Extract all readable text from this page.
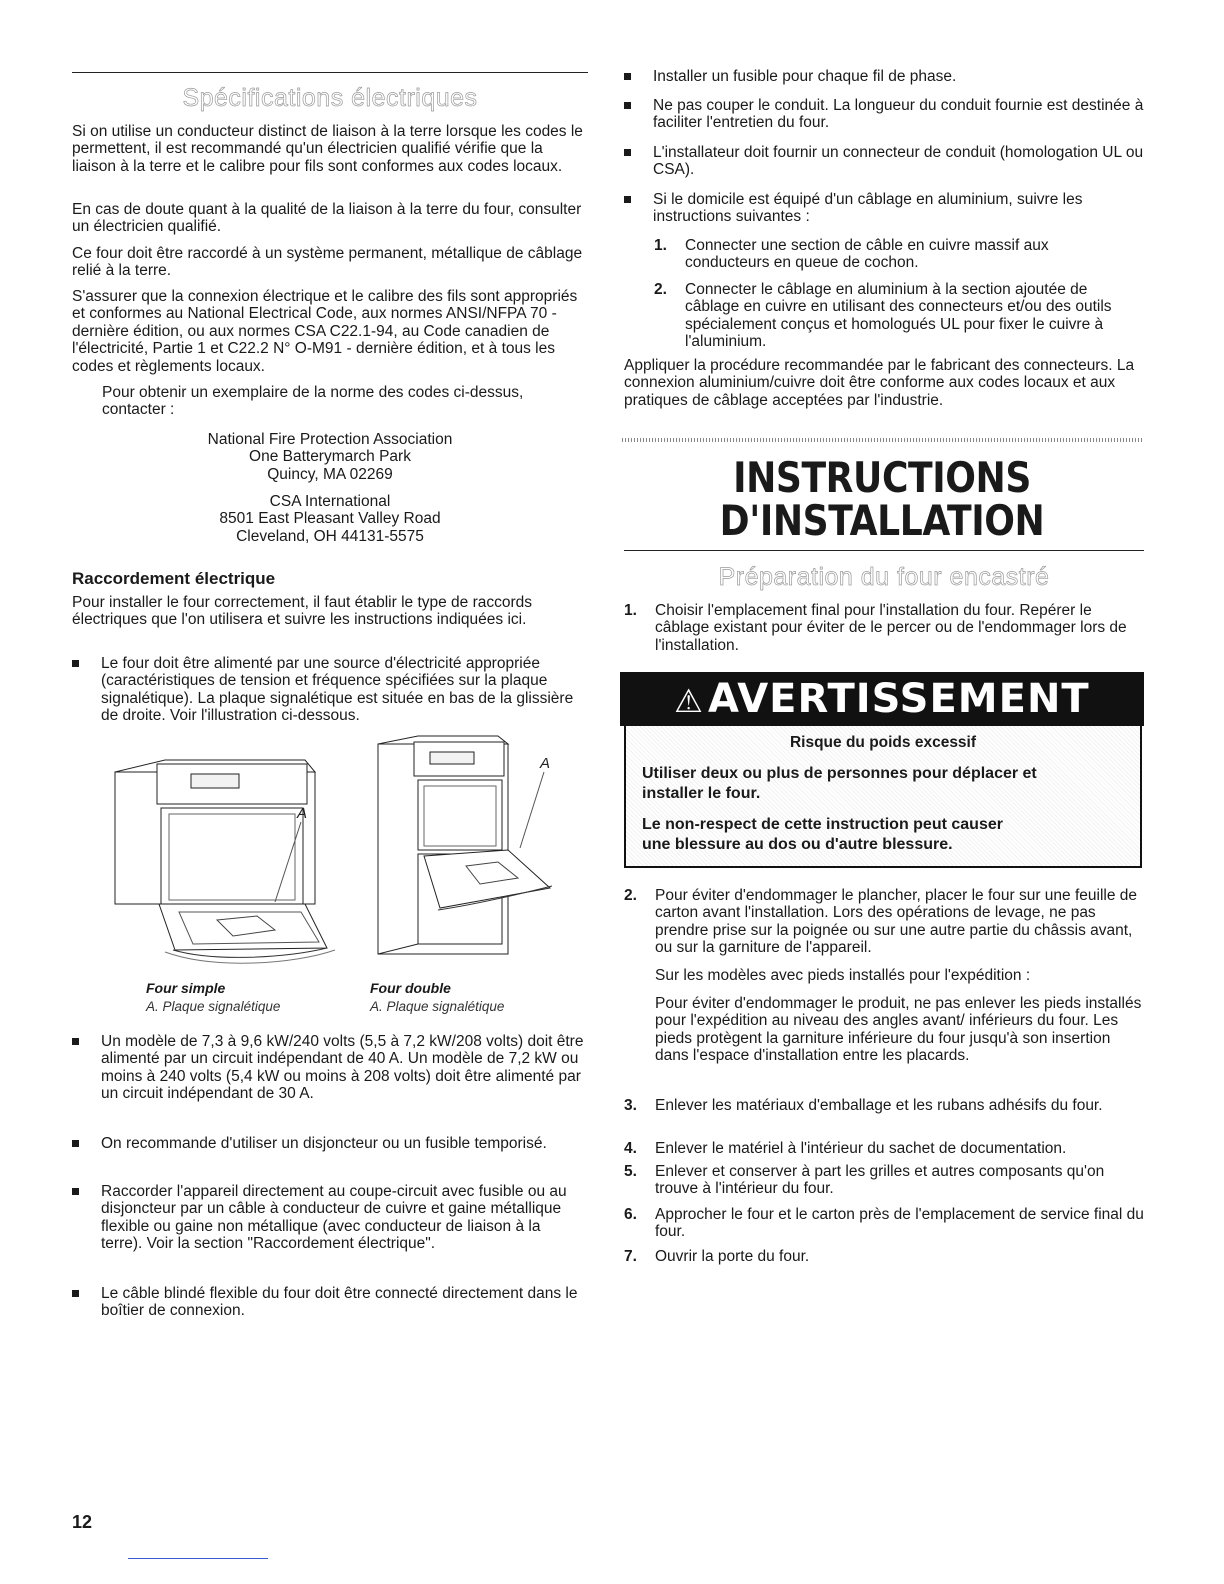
Spécifications électriques

Si on utilise un conducteur distinct de liaison à la terre lorsque les codes le permettent, il est recommandé qu'un électricien qualifié vérifie que la liaison à la terre et le calibre pour fils sont conformes aux codes locaux.

En cas de doute quant à la qualité de la liaison à la terre du four, consulter un électricien qualifié.

Ce four doit être raccordé à un système permanent, métallique de câblage relié à la terre.

S'assurer que la connexion électrique et le calibre des fils sont appropriés et conformes au National Electrical Code, aux normes ANSI/NFPA 70 - dernière édition, ou aux normes CSA C22.1-94, au Code canadien de l'électricité, Partie 1 et C22.2 N° O-M91 - dernière édition, et à tous les codes et règlements locaux.

Pour obtenir un exemplaire de la norme des codes ci-dessus, contacter :

National Fire Protection Association
One Batterymarch Park
Quincy, MA 02269
CSA International
8501 East Pleasant Valley Road
Cleveland, OH 44131-5575
Raccordement électrique

Pour installer le four correctement, il faut établir le type de raccords électriques que l'on utilisera et suivre les instructions indiquées ici.

Le four doit être alimenté par une source d'électricité appropriée (caractéristiques de tension et fréquence spécifiées sur la plaque signalétique). La plaque signalétique est située en bas de la glissière de droite. Voir l'illustration ci-dessous.
A
Four simple
A. Plaque signalétique
A
Four double
A. Plaque signalétique
Un modèle de 7,3 à 9,6 kW/240 volts (5,5 à 7,2 kW/208 volts) doit être alimenté par un circuit indépendant de 40 A. Un modèle de 7,2 kW ou moins à 240 volts (5,4 kW ou moins à 208 volts) doit être alimenté par un circuit indépendant de 30 A.
On recommande d'utiliser un disjoncteur ou un fusible temporisé.
Raccorder l'appareil directement au coupe-circuit avec fusible ou au disjoncteur par un câble à conducteur de cuivre et gaine métallique flexible ou gaine non métallique (avec conducteur de liaison à la terre). Voir la section "Raccordement électrique".
Le câble blindé flexible du four doit être connecté directement dans le boîtier de connexion.
Installer un fusible pour chaque fil de phase.
Ne pas couper le conduit. La longueur du conduit fournie est destinée à faciliter l'entretien du four.
L'installateur doit fournir un connecteur de conduit (homologation UL ou CSA).
Si le domicile est équipé d'un câblage en aluminium, suivre les instructions suivantes :
1. Connecter une section de câble en cuivre massif aux conducteurs en queue de cochon.
2. Connecter le câblage en aluminium à la section ajoutée de câblage en cuivre en utilisant des connecteurs et/ou des outils spécialement conçus et homologués UL pour fixer le cuivre à l'aluminium.

Appliquer la procédure recommandée par le fabricant des connecteurs. La connexion aluminium/cuivre doit être conforme aux codes locaux et aux pratiques de câblage acceptées par l'industrie.

INSTRUCTIONS
D'INSTALLATION
Préparation du four encastré
1. Choisir l'emplacement final pour l'installation du four. Repérer le câblage existant pour éviter de le percer ou de l'endommager lors de l'installation.
⚠ AVERTISSEMENT
Risque du poids excessif
Utiliser deux ou plus de personnes pour déplacer et
installer le four.
Le non-respect de cette instruction peut causer
une blessure au dos ou d'autre blessure.
2. Pour éviter d'endommager le plancher, placer le four sur une feuille de carton avant l'installation. Lors des opérations de levage, ne pas prendre prise sur la poignée ou sur une autre partie du châssis avant, ou sur la garniture de l'appareil.

Sur les modèles avec pieds installés pour l'expédition :

Pour éviter d'endommager le produit, ne pas enlever les pieds installés pour l'expédition au niveau des angles avant/ inférieurs du four. Les pieds protègent la garniture inférieure du four jusqu'à son insertion dans l'espace d'installation entre les placards.

3. Enlever les matériaux d'emballage et les rubans adhésifs du four.
4. Enlever le matériel à l'intérieur du sachet de documentation.
5. Enlever et conserver à part les grilles et autres composants qu'on trouve à l'intérieur du four.
6. Approcher le four et le carton près de l'emplacement de service final du four.
7. Ouvrir la porte du four.
12
